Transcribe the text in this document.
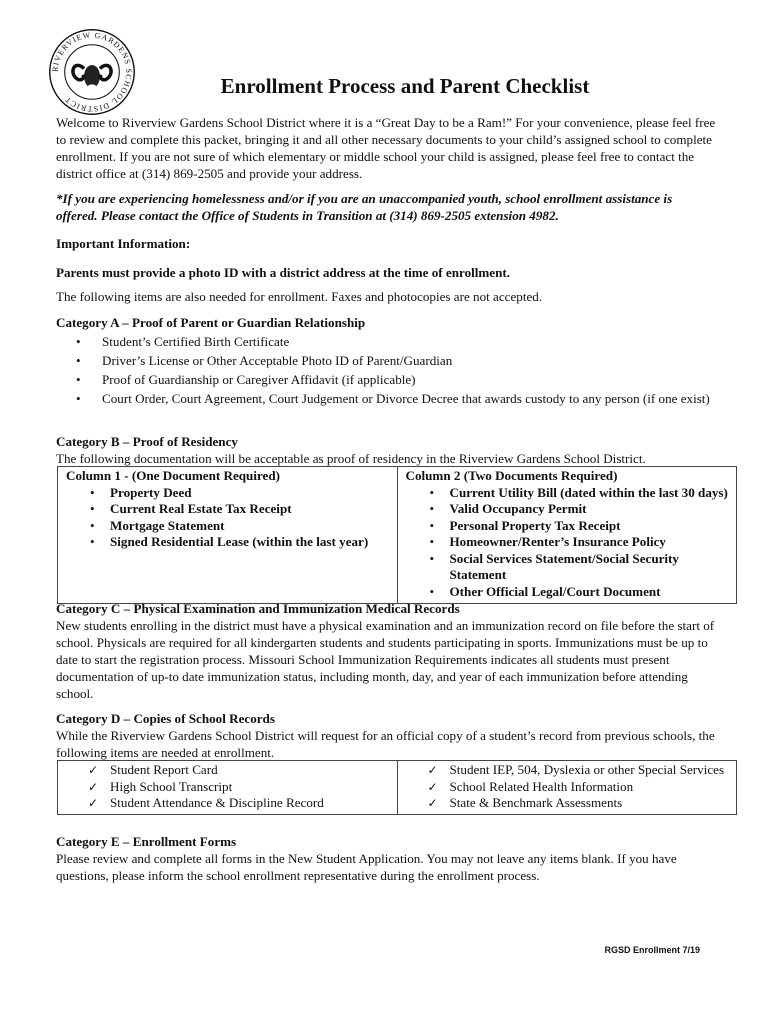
RIVERVIEW GARDENS SCHOOL DISTRICT
Enrollment Process and Parent Checklist

Welcome to Riverview Gardens School District where it is a “Great Day to be a Ram!” For your convenience, please feel free to review and complete this packet, bringing it and all other necessary documents to your child’s assigned school to complete enrollment. If you are not sure of which elementary or middle school your child is assigned, please feel free to contact the district office at (314) 869-2505 and provide your address.

*If you are experiencing homelessness and/or if you are an unaccompanied youth, school enrollment assistance is offered. Please contact the Office of Students in Transition at (314) 869-2505 extension 4982.

Important Information:

Parents must provide a photo ID with a district address at the time of enrollment.

The following items are also needed for enrollment. Faxes and photocopies are not accepted.

Category A – Proof of Parent or Guardian Relationship
• Student’s Certified Birth Certificate
• Driver’s License or Other Acceptable Photo ID of Parent/Guardian
• Proof of Guardianship or Caregiver Affidavit (if applicable)
• Court Order, Court Agreement, Court Judgement or Divorce Decree that awards custody to any person (if one exist)
Category B – Proof of Residency
The following documentation will be acceptable as proof of residency in the Riverview Gardens School District.
Column 1 - (One Document Required)
• Property Deed
• Current Real Estate Tax Receipt
• Mortgage Statement
• Signed Residential Lease (within the last year)

Column 2 (Two Documents Required)
• Current Utility Bill (dated within the last 30 days)
• Valid Occupancy Permit
• Personal Property Tax Receipt
• Homeowner/Renter’s Insurance Policy
• Social Services Statement/Social Security Statement
• Other Official Legal/Court Document
Category C – Physical Examination and Immunization Medical Records
New students enrolling in the district must have a physical examination and an immunization record on file before the start of school. Physicals are required for all kindergarten students and students participating in sports. Immunizations must be up to date to start the registration process. Missouri School Immunization Requirements indicates all students must present documentation of up-to date immunization status, including month, day, and year of each immunization before attending school.
Category D – Copies of School Records
While the Riverview Gardens School District will request for an official copy of a student’s record from previous schools, the following items are needed at enrollment.
✓ Student Report Card
✓ High School Transcript
✓ Student Attendance & Discipline Record

✓ Student IEP, 504, Dyslexia or other Special Services
✓ School Related Health Information
✓ State & Benchmark Assessments
Category E – Enrollment Forms
Please review and complete all forms in the New Student Application. You may not leave any items blank. If you have questions, please inform the school enrollment representative during the enrollment process.
RGSD Enrollment 7/19
